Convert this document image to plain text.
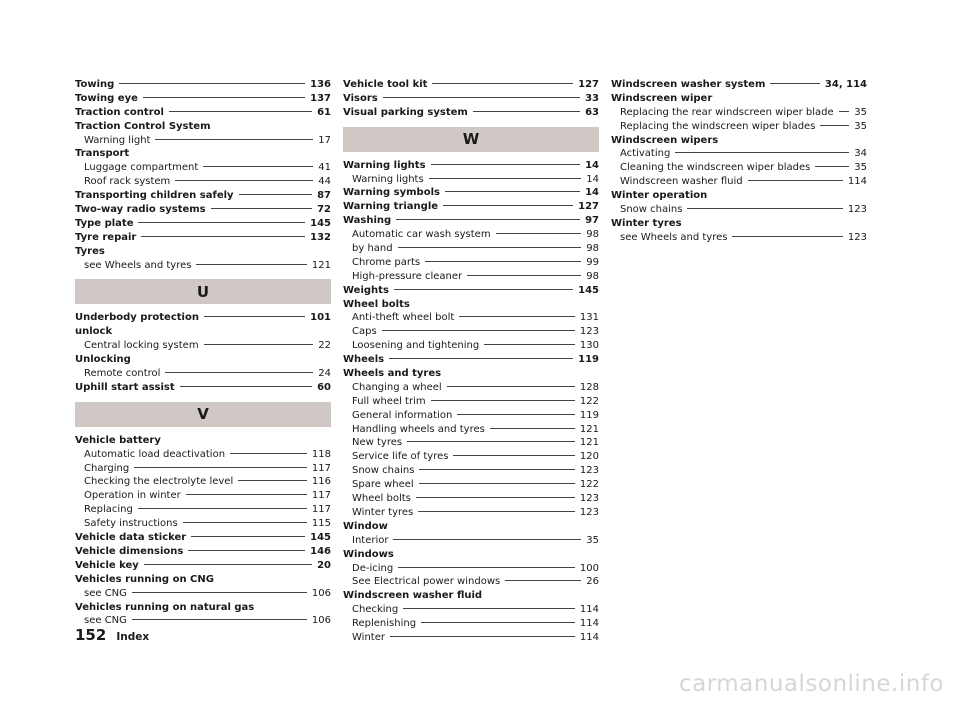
Towing	136
Towing eye	137
Traction control	61
Traction Control System
Warning light	17
Transport
Luggage compartment	41
Roof rack system	44
Transporting children safely	87
Two-way radio systems	72
Type plate	145
Tyre repair	132
Tyres
see Wheels and tyres	121
U
Underbody protection	101
unlock
Central locking system	22
Unlocking
Remote control	24
Uphill start assist	60
V
Vehicle battery
Automatic load deactivation	118
Charging	117
Checking the electrolyte level	116
Operation in winter	117
Replacing	117
Safety instructions	115
Vehicle data sticker	145
Vehicle dimensions	146
Vehicle key	20
Vehicles running on CNG
see CNG	106
Vehicles running on natural gas
see CNG	106
Vehicle tool kit	127
Visors	33
Visual parking system	63
W
Warning lights	14
Warning lights	14
Warning symbols	14
Warning triangle	127
Washing	97
Automatic car wash system	98
by hand	98
Chrome parts	99
High-pressure cleaner	98
Weights	145
Wheel bolts
Anti-theft wheel bolt	131
Caps	123
Loosening and tightening	130
Wheels	119
Wheels and tyres
Changing a wheel	128
Full wheel trim	122
General information	119
Handling wheels and tyres	121
New tyres	121
Service life of tyres	120
Snow chains	123
Spare wheel	122
Wheel bolts	123
Winter tyres	123
Window
Interior	35
Windows
De-icing	100
See Electrical power windows	26
Windscreen washer fluid
Checking	114
Replenishing	114
Winter	114
Windscreen washer system	34, 114
Windscreen wiper
Replacing the rear windscreen wiper blade 35
Replacing the windscreen wiper blades	35
Windscreen wipers
Activating	34
Cleaning the windscreen wiper blades	35
Windscreen washer fluid	114
Winter operation
Snow chains	123
Winter tyres
see Wheels and tyres	123
152 Index
carmanualsonline.info
